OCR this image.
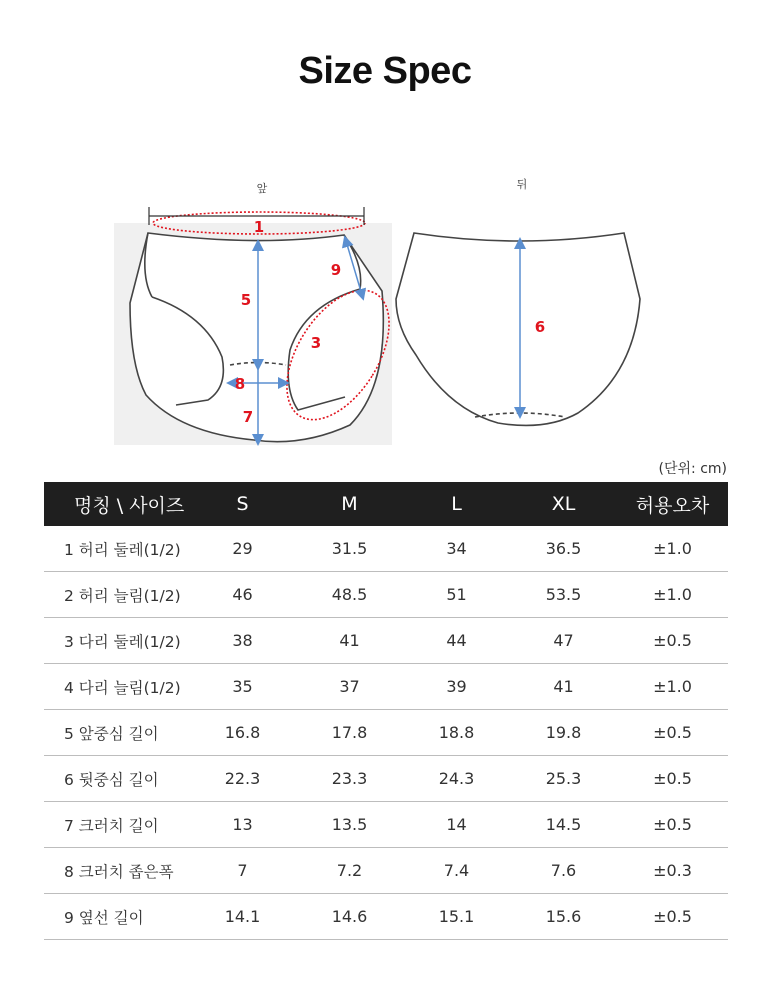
Size Spec
앞	뒤
1
9
5
3
8
7
6
(단위: cm)
명칭 \ 사이즈	S	M	L	XL	허용오차
1 허리 둘레(1/2)	29	31.5	34	36.5	±1.0
2 허리 늘림(1/2)	46	48.5	51	53.5	±1.0
3 다리 둘레(1/2)	38	41	44	47	±0.5
4 다리 늘림(1/2)	35	37	39	41	±1.0
5 앞중심 길이	16.8	17.8	18.8	19.8	±0.5
6 뒷중심 길이	22.3	23.3	24.3	25.3	±0.5
7 크러치 길이	13	13.5	14	14.5	±0.5
8 크러치 좁은폭	7	7.2	7.4	7.6	±0.3
9 옆선 길이	14.1	14.6	15.1	15.6	±0.5
